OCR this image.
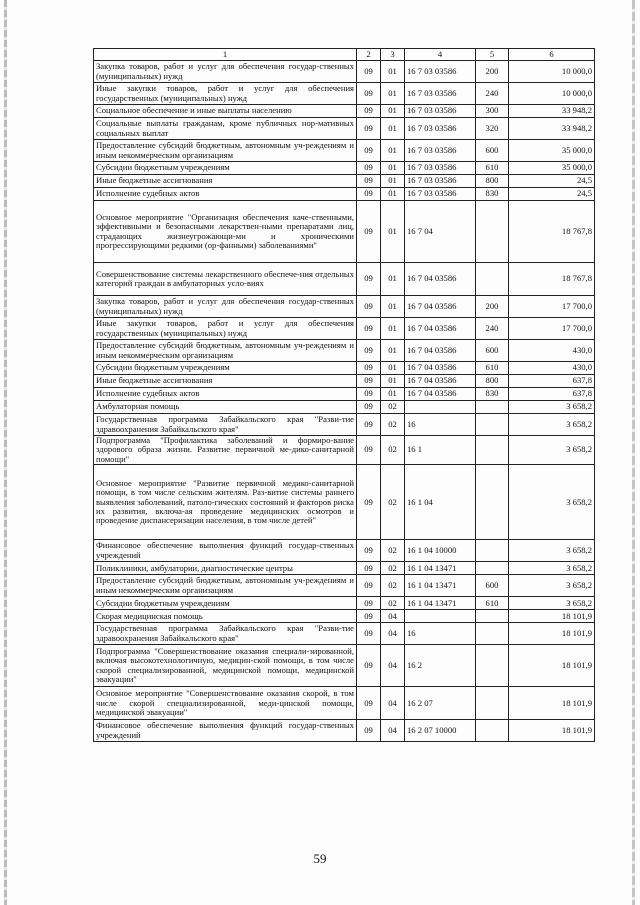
1	2	3	4	5	6
Закупка товаров, работ и услуг для обеспечения государ-ственных (муниципальных) нужд	09	01	16 7 03 03586	200	10 000,0
Иные закупки товаров, работ и услуг для обеспечения государственных (муниципальных) нужд	09	01	16 7 03 03586	240	10 000,0
Социальное обеспечение и иные выплаты населению	09	01	16 7 03 03586	300	33 948,2
Социальные выплаты гражданам, кроме публичных нор-мативных социальных выплат	09	01	16 7 03 03586	320	33 948,2
Предоставление субсидий бюджетным, автономным уч-реждениям и иным некоммерческим организациям	09	01	16 7 03 03586	600	35 000,0
Субсидии бюджетным учреждениям	09	01	16 7 03 03586	610	35 000,0
Иные бюджетные ассигнования	09	01	16 7 03 03586	800	24,5
Исполнение судебных актов	09	01	16 7 03 03586	830	24,5
Основное мероприятие "Организация обеспечения каче-ственными, эффективными и безопасными лекарствен-ными препаратами лиц, страдающих жизнеугрожающи-ми и хроническими прогрессирующими редкими (ор-фанными) заболеваниями"	09	01	16 7 04		18 767,8
Совершенствование системы лекарственного обеспече-ния отдельных категорий граждан в амбулаторных усло-виях	09	01	16 7 04 03586		18 767,8
Закупка товаров, работ и услуг для обеспечения государ-ственных (муниципальных) нужд	09	01	16 7 04 03586	200	17 700,0
Иные закупки товаров, работ и услуг для обеспечения государственных (муниципальных) нужд	09	01	16 7 04 03586	240	17 700,0
Предоставление субсидий бюджетным, автономным уч-реждениям и иным некоммерческим организациям	09	01	16 7 04 03586	600	430,0
Субсидии бюджетным учреждениям	09	01	16 7 04 03586	610	430,0
Иные бюджетные ассигнования	09	01	16 7 04 03586	800	637,8
Исполнение судебных актов	09	01	16 7 04 03586	830	637,8
Амбулаторная помощь	09	02			3 658,2
Государственная программа Забайкальского края "Разви-тие здравоохранения Забайкальского края"	09	02	16		3 658,2
Подпрограмма "Профилактика заболеваний и формиро-вание здорового образа жизни. Развитие первичной ме-дико-санитарной помощи"	09	02	16 1		3 658,2
Основное мероприятие "Развитие первичной медико-санитарной помощи, в том числе сельским жителям. Раз-витие системы раннего выявления заболеваний, патоло-гических состояний и факторов риска их развития, включа-ая проведение медицинских осмотров и проведение диспансеризации населения, в том числе детей"	09	02	16 1 04		3 658,2
Финансовое обеспечение выполнения функций государ-ственных учреждений	09	02	16 1 04 10000		3 658,2
Поликлиники, амбулатории, диагностические центры	09	02	16 1 04 13471		3 658,2
Предоставление субсидий бюджетным, автономным уч-реждениям и иным некоммерческим организациям	09	02	16 1 04 13471	600	3 658,2
Субсидии бюджетным учреждениям	09	02	16 1 04 13471	610	3 658,2
Скорая медицинская помощь	09	04			18 101,9
Государственная программа Забайкальского края "Разви-тие здравоохранения Забайкальского края"	09	04	16		18 101,9
Подпрограмма "Совершенствование оказания специали-зированной, включая высокотехнологичную, медицин-ской помощи, в том числе скорой специализированной, медицинской помощи, медицинской эвакуации"	09	04	16 2		18 101,9
Основное мероприятие "Совершенствование оказания скорой, в том числе скорой специализированной, меди-цинской помощи, медицинской эвакуации"	09	04	16 2 07		18 101,9
Финансовое обеспечение выполнения функций государ-ственных учреждений	09	04	16 2 07 10000		18 101,9
59
